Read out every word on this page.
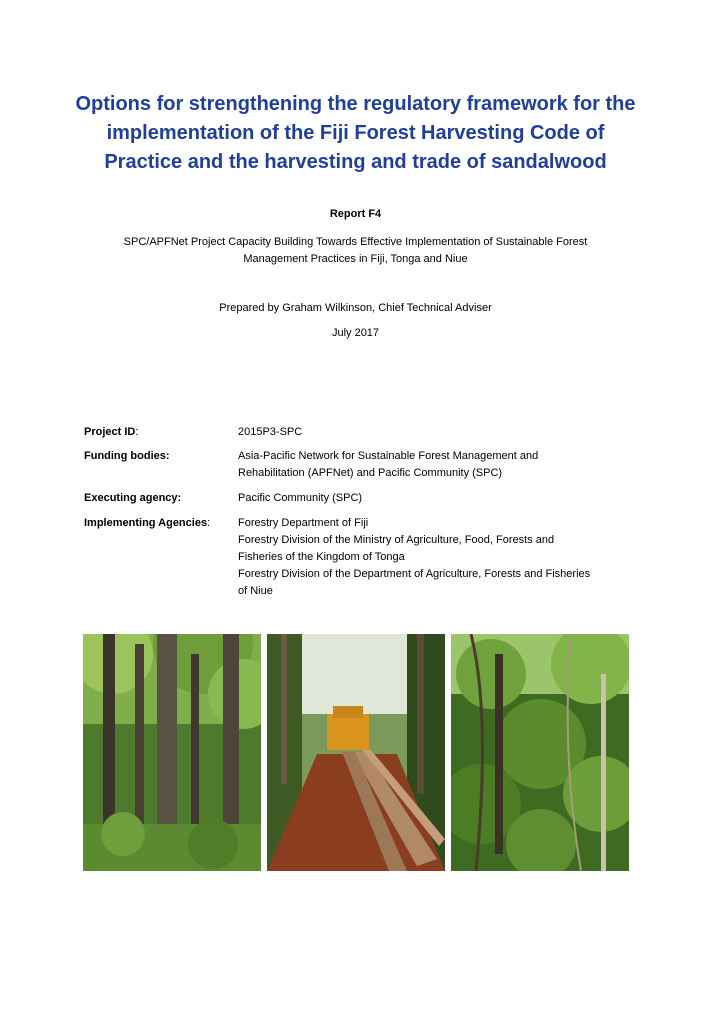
Options for strengthening the regulatory framework for the
implementation of the Fiji Forest Harvesting Code of
Practice and the harvesting and trade of sandalwood
Report F4
SPC/APFNet Project Capacity Building Towards Effective Implementation of Sustainable Forest
Management Practices in Fiji, Tonga and Niue
Prepared by Graham Wilkinson, Chief Technical Adviser
July 2017
Project ID:	2015P3-SPC
Funding bodies:	Asia-Pacific Network for Sustainable Forest Management and
Rehabilitation (APFNet) and Pacific Community (SPC)
Executing agency:	Pacific Community (SPC)
Implementing Agencies:	Forestry Department of Fiji
Forestry Division of the Ministry of Agriculture, Food, Forests and
Fisheries of the Kingdom of Tonga
Forestry Division of the Department of Agriculture, Forests and Fisheries
of Niue
